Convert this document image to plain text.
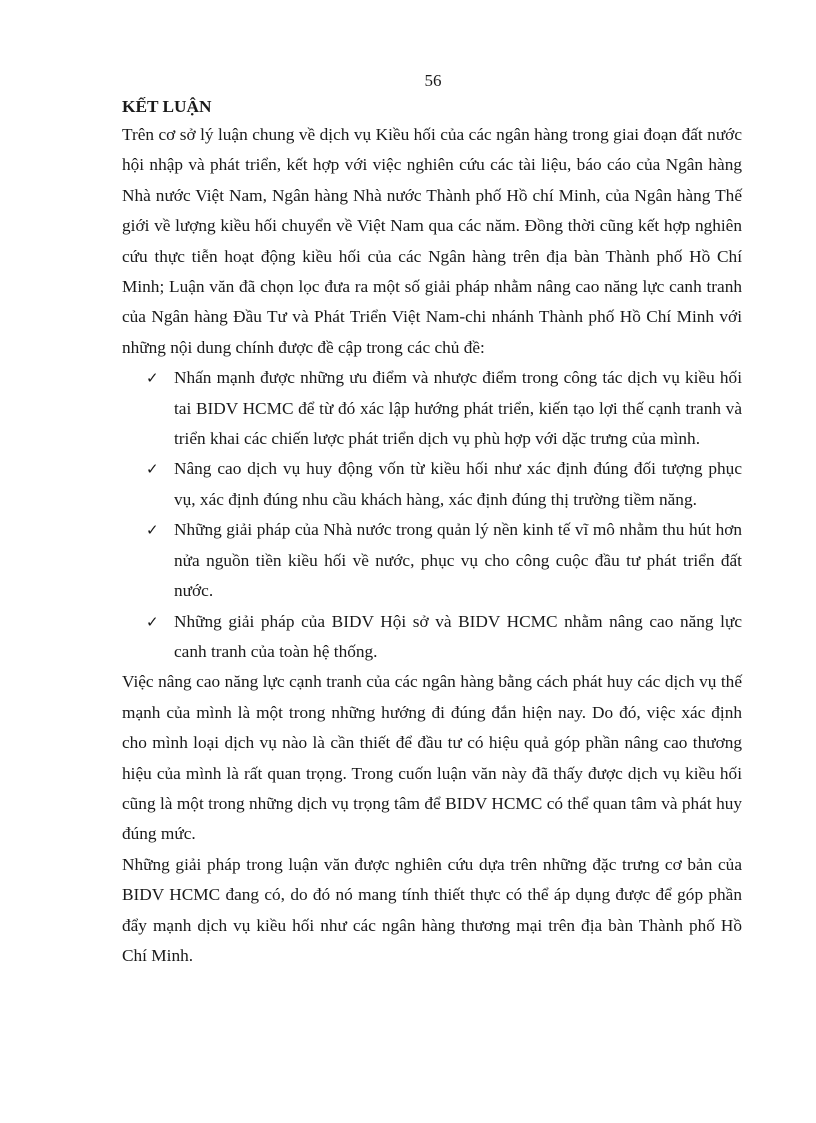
56
KẾT LUẬN

Trên cơ sở lý luận chung về dịch vụ Kiều hối của các ngân hàng trong giai đoạn đất nước hội nhập và phát triển, kết hợp với việc nghiên cứu các tài liệu, báo cáo của Ngân hàng Nhà nước Việt Nam, Ngân hàng Nhà nước Thành phố Hồ chí Minh, của Ngân hàng Thế giới về lượng kiều hối chuyển về Việt Nam qua các năm. Đồng thời cũng kết hợp nghiên cứu thực tiễn hoạt động kiều hối của các Ngân hàng trên địa bàn Thành phố Hồ Chí Minh; Luận văn đã chọn lọc đưa ra một số giải pháp nhằm nâng cao năng lực canh tranh của Ngân hàng Đầu Tư và Phát Triển Việt Nam-chi nhánh Thành phố Hồ Chí Minh với những nội dung chính được đề cập trong các chủ đề:

✓ Nhấn mạnh được những ưu điểm và nhược điểm trong công tác dịch vụ kiều hối tai BIDV HCMC để từ đó xác lập hướng phát triển, kiến tạo lợi thế cạnh tranh và triển khai các chiến lược phát triển dịch vụ phù hợp với dặc trưng của mình.
✓ Nâng cao dịch vụ huy động vốn từ kiều hối như xác định đúng đối tượng phục vụ, xác định đúng nhu cầu khách hàng, xác định đúng thị trường tiềm năng.
✓ Những giải pháp của Nhà nước trong quản lý nền kinh tế vĩ mô nhằm thu hút hơn nửa nguồn tiền kiều hối về nước, phục vụ cho công cuộc đầu tư phát triển đất nước.
✓ Những giải pháp của BIDV Hội sở và BIDV HCMC nhằm nâng cao năng lực canh tranh của toàn hệ thống.

Việc nâng cao năng lực cạnh tranh của các ngân hàng bằng cách phát huy các dịch vụ thế mạnh của mình là một trong những hướng đi đúng đắn hiện nay. Do đó, việc xác định cho mình loại dịch vụ nào là cần thiết để đầu tư có hiệu quả góp phần nâng cao thương hiệu của mình là rất quan trọng. Trong cuốn luận văn này đã thấy được dịch vụ kiều hối cũng là một trong những dịch vụ trọng tâm để BIDV HCMC có thể quan tâm và phát huy đúng mức.

Những giải pháp trong luận văn được nghiên cứu dựa trên những đặc trưng cơ bản của BIDV HCMC đang có, do đó nó mang tính thiết thực có thể áp dụng được để góp phần đẩy mạnh dịch vụ kiều hối như các ngân hàng thương mại trên địa bàn Thành phố Hồ Chí Minh.
